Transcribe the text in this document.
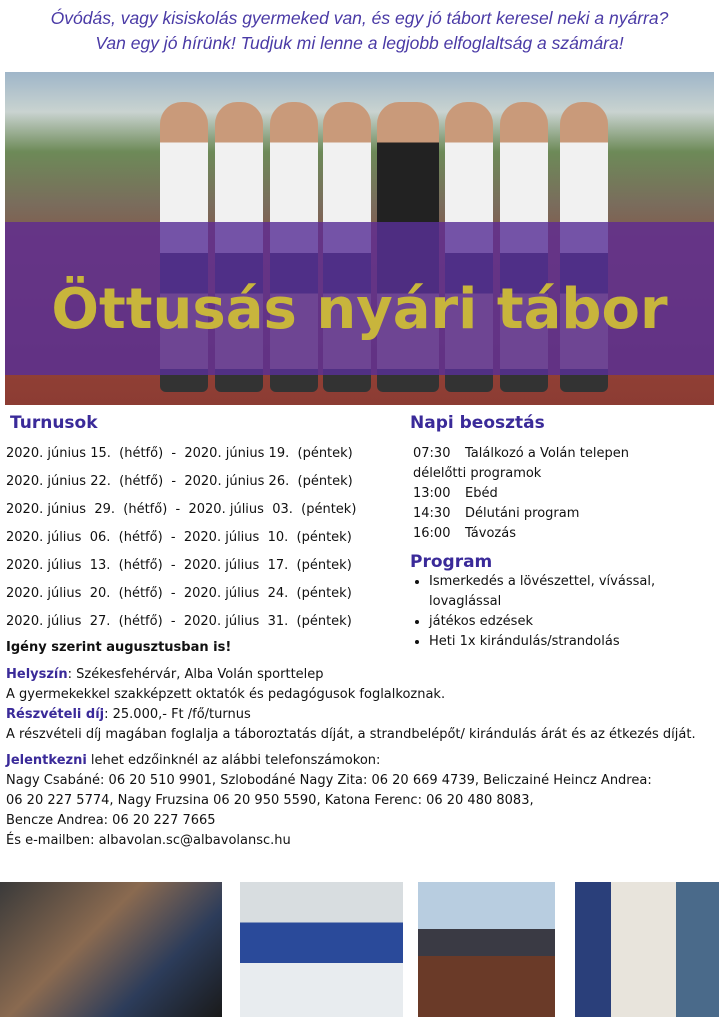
Óvódás, vagy kisiskolás gyermeked van, és egy jó tábort keresel neki a nyárra?
Van egy jó hírünk! Tudjuk mi lenne a legjobb elfoglaltság a számára!
Öttusás nyári tábor
Turnusok
2020. június 15.  (hétfő)  -  2020. június 19.  (péntek)
2020. június 22.  (hétfő)  -  2020. június 26.  (péntek)
2020. június  29.  (hétfő)  -  2020. július  03.  (péntek)
2020. július  06.  (hétfő)  -  2020. július  10.  (péntek)
2020. július  13.  (hétfő)  -  2020. július  17.  (péntek)
2020. július  20.  (hétfő)  -  2020. július  24.  (péntek)
2020. július  27.  (hétfő)  -  2020. július  31.  (péntek)
Igény szerint augusztusban is!
Napi beosztás
07:30 Találkozó a Volán telepen
délelőtti programok
13:00 Ebéd
14:30 Délutáni program
16:00 Távozás
Program
• Ismerkedés a lövészettel, vívással, lovaglással
• játékos edzések
• Heti 1x kirándulás/strandolás

Helyszín: Székesfehérvár, Alba Volán sporttelep

A gyermekekkel szakképzett oktatók és pedagógusok foglalkoznak.

Részvételi díj: 25.000,- Ft /fő/turnus

A részvételi díj magában foglalja a táboroztatás díját, a strandbelépőt/ kirándulás árát és az étkezés díját.

Jelentkezni lehet edzőinknél az alábbi telefonszámokon:

Nagy Csabáné: 06 20 510 9901, Szlobodáné Nagy Zita: 06 20 669 4739, Beliczainé Heincz Andrea:

06 20 227 5774, Nagy Fruzsina 06 20 950 5590, Katona Ferenc: 06 20 480 8083,

Bencze Andrea: 06 20 227 7665

És e-mailben: albavolan.sc@albavolansc.hu
